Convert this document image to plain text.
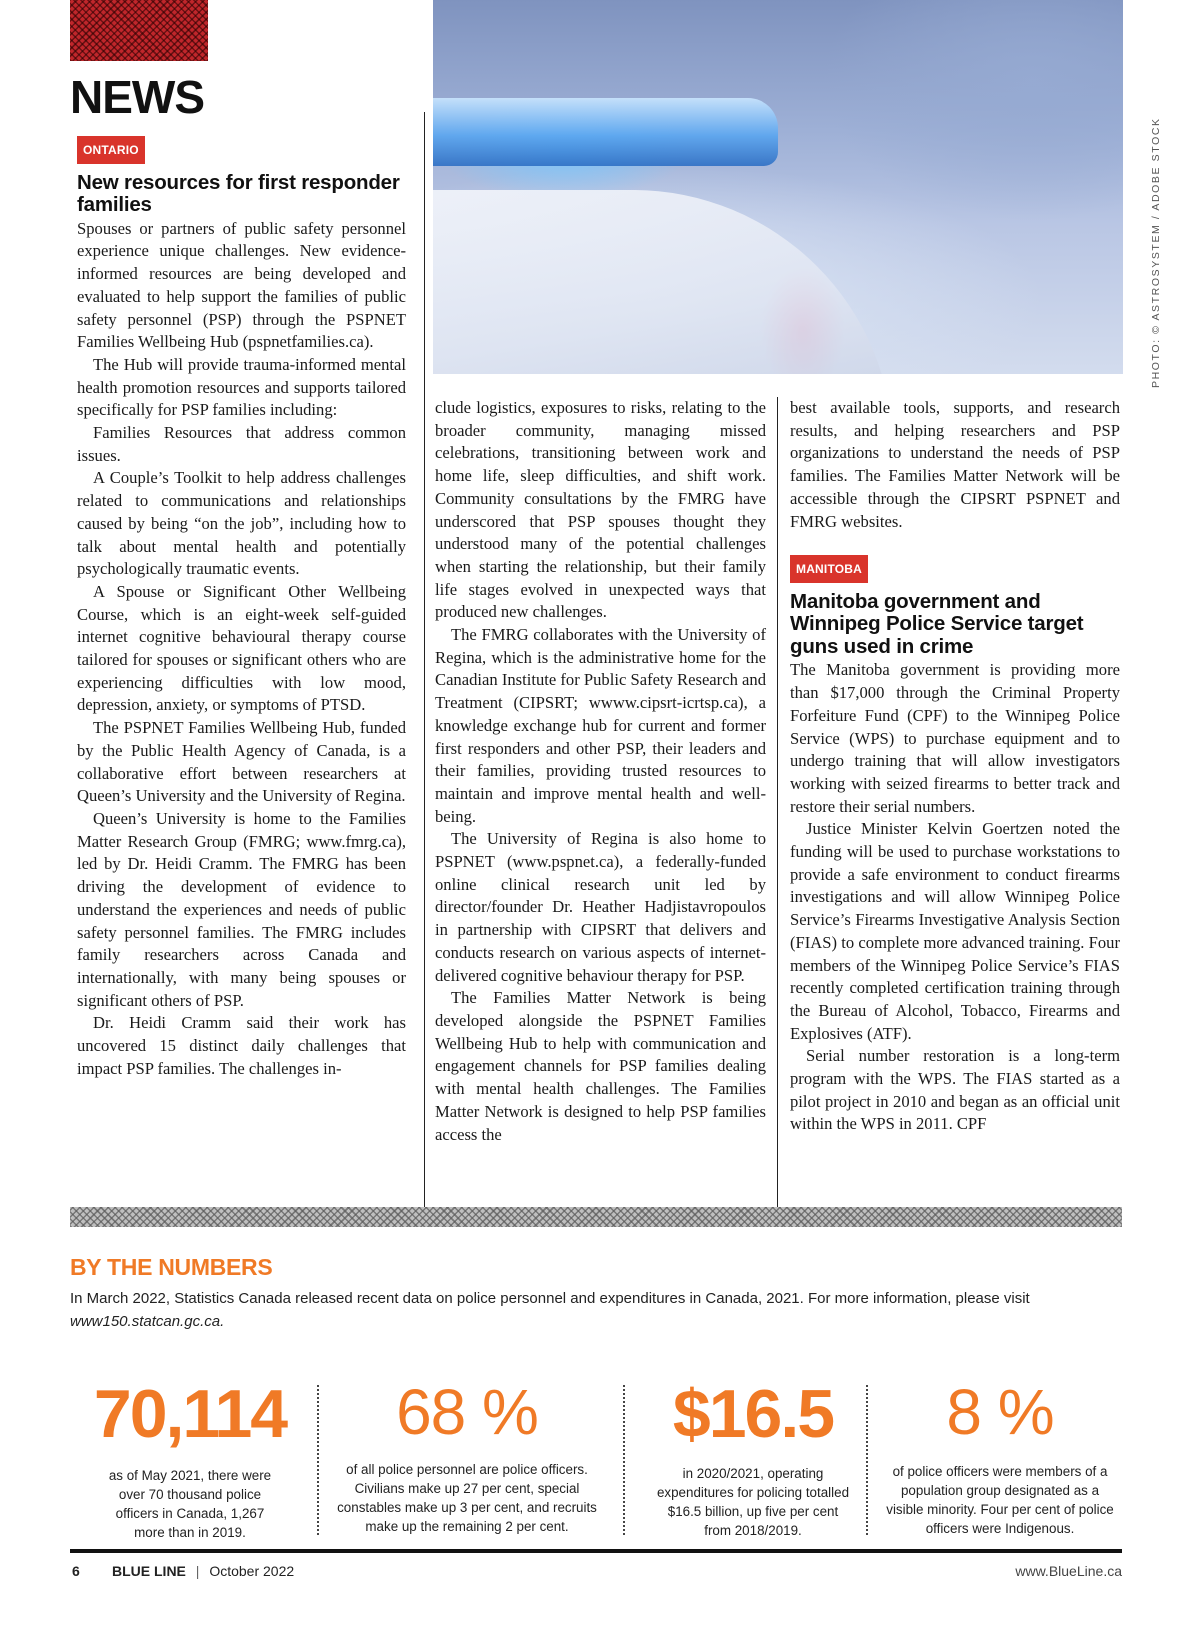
NEWS
PHOTO: © ASTROSYSTEM / ADOBE STOCK
ONTARIO
New resources for first responder families

Spouses or partners of public safety personnel experience unique challenges. New evidence-informed resources are being developed and evaluated to help support the families of public safety personnel (PSP) through the PSPNET Families Wellbeing Hub (pspnetfamilies.ca).

The Hub will provide trauma-informed mental health promotion resources and supports tailored specifically for PSP families including:

Families Resources that address common issues.

A Couple’s Toolkit to help address challenges related to communications and relationships caused by being “on the job”, including how to talk about mental health and potentially psychologically traumatic events.

A Spouse or Significant Other Wellbeing Course, which is an eight-week self-guided internet cognitive behavioural therapy course tailored for spouses or significant others who are experiencing difficulties with low mood, depression, anxiety, or symptoms of PTSD.

The PSPNET Families Wellbeing Hub, funded by the Public Health Agency of Canada, is a collaborative effort between researchers at Queen’s University and the University of Regina.

Queen’s University is home to the Families Matter Research Group (FMRG; www.fmrg.ca), led by Dr. Heidi Cramm. The FMRG has been driving the development of evidence to understand the experiences and needs of public safety personnel families. The FMRG includes family researchers across Canada and internationally, with many being spouses or significant others of PSP.

Dr. Heidi Cramm said their work has uncovered 15 distinct daily challenges that impact PSP families. The challenges in-

clude logistics, exposures to risks, relating to the broader community, managing missed celebrations, transitioning between work and home life, sleep difficulties, and shift work. Community consultations by the FMRG have underscored that PSP spouses thought they understood many of the potential challenges when starting the relationship, but their family life stages evolved in unexpected ways that produced new challenges.

The FMRG collaborates with the University of Regina, which is the administrative home for the Canadian Institute for Public Safety Research and Treatment (CIPSRT; wwww.cipsrt-icrtsp.ca), a knowledge exchange hub for current and former first responders and other PSP, their leaders and their families, providing trusted resources to maintain and improve mental health and well-being.

The University of Regina is also home to PSPNET (www.pspnet.ca), a federally-funded online clinical research unit led by director/founder Dr. Heather Hadjistavropoulos in partnership with CIPSRT that delivers and conducts research on various aspects of internet-delivered cognitive behaviour therapy for PSP.

The Families Matter Network is being developed alongside the PSPNET Families Wellbeing Hub to help with communication and engagement channels for PSP families dealing with mental health challenges. The Families Matter Network is designed to help PSP families access the

best available tools, supports, and research results, and helping researchers and PSP organizations to understand the needs of PSP families. The Families Matter Network will be accessible through the CIPSRT PSPNET and FMRG websites.

MANITOBA
Manitoba government and Winnipeg Police Service target guns used in crime

The Manitoba government is providing more than $17,000 through the Criminal Property Forfeiture Fund (CPF) to the Winnipeg Police Service (WPS) to purchase equipment and to undergo training that will allow investigators working with seized firearms to better track and restore their serial numbers.

Justice Minister Kelvin Goertzen noted the funding will be used to purchase workstations to provide a safe environment to conduct firearms investigations and will allow Winnipeg Police Service’s Firearms Investigative Analysis Section (FIAS) to complete more advanced training. Four members of the Winnipeg Police Service’s FIAS recently completed certification training through the Bureau of Alcohol, Tobacco, Firearms and Explosives (ATF).

Serial number restoration is a long-term program with the WPS. The FIAS started as a pilot project in 2010 and began as an official unit within the WPS in 2011. CPF

BY THE NUMBERS
In March 2022, Statistics Canada released recent data on police personnel and expenditures in Canada, 2021. For more information, please visit www150.statcan.gc.ca.
70,114
as of May 2021, there were over 70 thousand police officers in Canada, 1,267 more than in 2019.
68 %
of all police personnel are police officers. Civilians make up 27 per cent, special constables make up 3 per cent, and recruits make up the remaining 2 per cent.
$16.5
in 2020/2021, operating expenditures for policing totalled $16.5 billion, up five per cent from 2018/2019.
8 %
of police officers were members of a population group designated as a visible minority. Four per cent of police officers were Indigenous.
6 BLUE LINE | October 2022	www.BlueLine.ca
